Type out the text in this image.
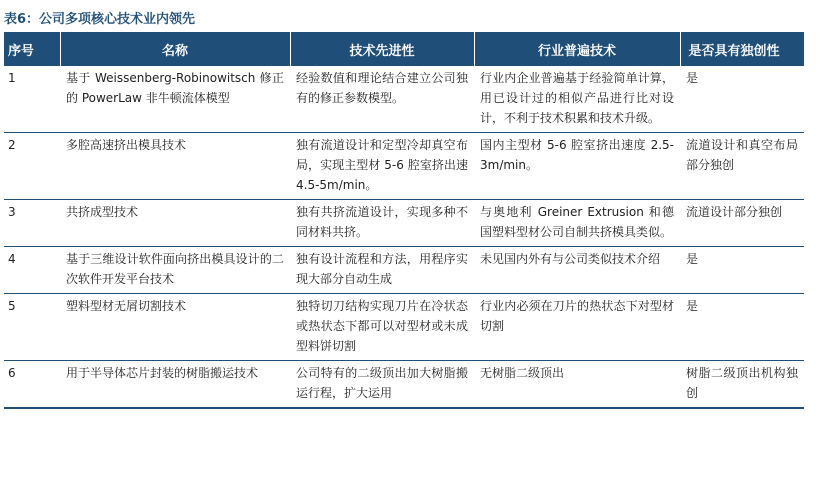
表6：公司多项核心技术业内领先
序号	名称	技术先进性	行业普遍技术	是否具有独创性
1	基于 Weissenberg-Robinowitsch 修正的 PowerLaw 非牛顿流体模型	经验数值和理论结合建立公司独有的修正参数模型。	行业内企业普遍基于经验简单计算，用已设计过的相似产品进行比对设计，不利于技术积累和技术升级。	是
2	多腔高速挤出模具技术	独有流道设计和定型冷却真空布局，实现主型材 5-6 腔室挤出速 4.5-5m/min。	国内主型材 5-6 腔室挤出速度 2.5-3m/min。	流道设计和真空布局部分独创
3	共挤成型技术	独有共挤流道设计，实现多种不同材料共挤。	与奥地利 Greiner Extrusion 和德国塑料型材公司自制共挤模具类似。	流道设计部分独创
4	基于三维设计软件面向挤出模具设计的二次软件开发平台技术	独有设计流程和方法，用程序实现大部分自动生成	未见国内外有与公司类似技术介绍	是
5	塑料型材无屑切割技术	独特切刀结构实现刀片在冷状态或热状态下都可以对型材或未成型料饼切割	行业内必须在刀片的热状态下对型材切割	是
6	用于半导体芯片封装的树脂搬运技术	公司特有的二级顶出加大树脂搬运行程，扩大运用	无树脂二级顶出	树脂二级顶出机构独创
